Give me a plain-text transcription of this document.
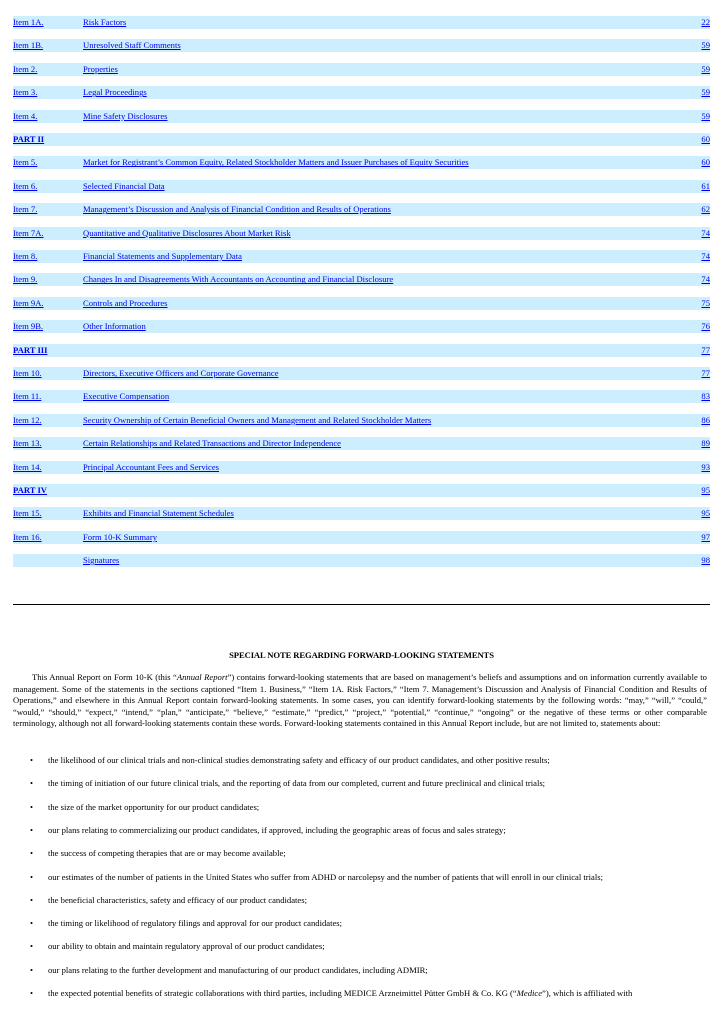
Item 1A.	Risk Factors	22
Item 1B.	Unresolved Staff Comments	59
Item 2.	Properties	59
Item 3.	Legal Proceedings	59
Item 4.	Mine Safety Disclosures	59
PART II	60
Item 5.	Market for Registrant’s Common Equity, Related Stockholder Matters and Issuer Purchases of Equity Securities	60
Item 6.	Selected Financial Data	61
Item 7.	Management’s Discussion and Analysis of Financial Condition and Results of Operations	62
Item 7A.	Quantitative and Qualitative Disclosures About Market Risk	74
Item 8.	Financial Statements and Supplementary Data	74
Item 9.	Changes In and Disagreements With Accountants on Accounting and Financial Disclosure	74
Item 9A.	Controls and Procedures	75
Item 9B.	Other Information	76
PART III	77
Item 10.	Directors, Executive Officers and Corporate Governance	77
Item 11.	Executive Compensation	83
Item 12.	Security Ownership of Certain Beneficial Owners and Management and Related Stockholder Matters	86
Item 13.	Certain Relationships and Related Transactions and Director Independence	89
Item 14.	Principal Accountant Fees and Services	93
PART IV	95
Item 15.	Exhibits and Financial Statement Schedules	95
Item 16.	Form 10-K Summary	97
Signatures	98
SPECIAL NOTE REGARDING FORWARD-LOOKING STATEMENTS
This Annual Report on Form 10-K (this “Annual Report”) contains forward-looking statements that are based on management’s beliefs and assumptions and on information currently available to management. Some of the statements in the sections captioned “Item 1. Business,” “Item 1A. Risk Factors,” “Item 7. Management’s Discussion and Analysis of Financial Condition and Results of Operations,” and elsewhere in this Annual Report contain forward-looking statements. In some cases, you can identify forward-looking statements by the following words: “may,” “will,” “could,” “would,” “should,” “expect,” “intend,” “plan,” “anticipate,” “believe,” “estimate,” “predict,” “project,” “potential,” “continue,” “ongoing” or the negative of these terms or other comparable terminology, although not all forward-looking statements contain these words. Forward-looking statements contained in this Annual Report include, but are not limited to, statements about:
• the likelihood of our clinical trials and non-clinical studies demonstrating safety and efficacy of our product candidates, and other positive results;
• the timing of initiation of our future clinical trials, and the reporting of data from our completed, current and future preclinical and clinical trials;
• the size of the market opportunity for our product candidates;
• our plans relating to commercializing our product candidates, if approved, including the geographic areas of focus and sales strategy;
• the success of competing therapies that are or may become available;
• our estimates of the number of patients in the United States who suffer from ADHD or narcolepsy and the number of patients that will enroll in our clinical trials;
• the beneficial characteristics, safety and efficacy of our product candidates;
• the timing or likelihood of regulatory filings and approval for our product candidates;
• our ability to obtain and maintain regulatory approval of our product candidates;
• our plans relating to the further development and manufacturing of our product candidates, including ADMIR;
• the expected potential benefits of strategic collaborations with third parties, including MEDICE Arzneimittel Pütter GmbH & Co. KG (“Medice”), which is affiliated with
